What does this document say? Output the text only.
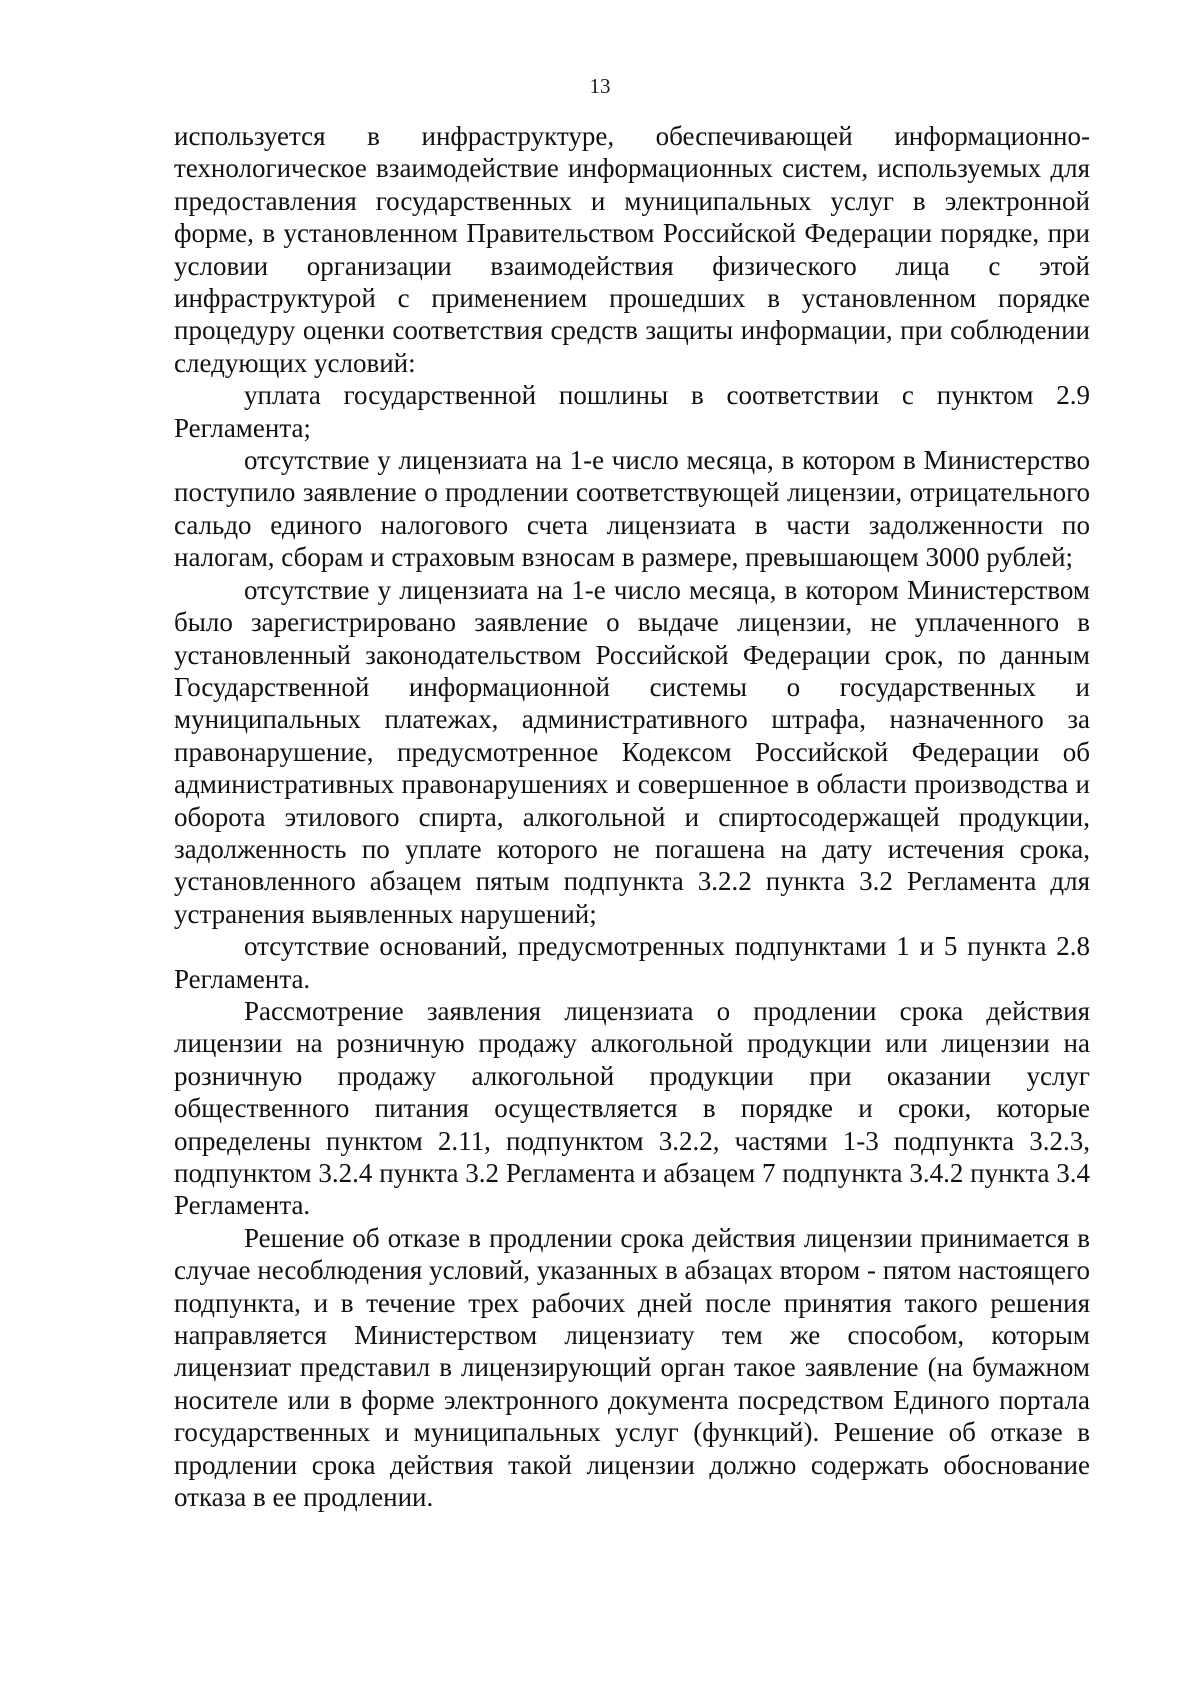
13

используется в инфраструктуре, обеспечивающей информационно-технологическое взаимодействие информационных систем, используемых для предоставления государственных и муниципальных услуг в электронной форме, в установленном Правительством Российской Федерации порядке, при условии организации взаимодействия физического лица с этой инфраструктурой с применением прошедших в установленном порядке процедуру оценки соответствия средств защиты информации, при соблюдении следующих условий:

уплата государственной пошлины в соответствии с пунктом 2.9 Регламента;

отсутствие у лицензиата на 1-е число месяца, в котором в Министерство поступило заявление о продлении соответствующей лицензии, отрицательного сальдо единого налогового счета лицензиата в части задолженности по налогам, сборам и страховым взносам в размере, превышающем 3000 рублей;

отсутствие у лицензиата на 1-е число месяца, в котором Министерством было зарегистрировано заявление о выдаче лицензии, не уплаченного в установленный законодательством Российской Федерации срок, по данным Государственной информационной системы о государственных и муниципальных платежах, административного штрафа, назначенного за правонарушение, предусмотренное Кодексом Российской Федерации об административных правонарушениях и совершенное в области производства и оборота этилового спирта, алкогольной и спиртосодержащей продукции, задолженность по уплате которого не погашена на дату истечения срока, установленного абзацем пятым подпункта 3.2.2 пункта 3.2 Регламента для устранения выявленных нарушений;

отсутствие оснований, предусмотренных подпунктами 1 и 5 пункта 2.8 Регламента.

Рассмотрение заявления лицензиата о продлении срока действия лицензии на розничную продажу алкогольной продукции или лицензии на розничную продажу алкогольной продукции при оказании услуг общественного питания осуществляется в порядке и сроки, которые определены пунктом 2.11, подпунктом 3.2.2, частями 1-3 подпункта 3.2.3, подпунктом 3.2.4 пункта 3.2 Регламента и абзацем 7 подпункта 3.4.2 пункта 3.4 Регламента.

Решение об отказе в продлении срока действия лицензии принимается в случае несоблюдения условий, указанных в абзацах втором - пятом настоящего подпункта, и в течение трех рабочих дней после принятия такого решения направляется Министерством лицензиату тем же способом, которым лицензиат представил в лицензирующий орган такое заявление (на бумажном носителе или в форме электронного документа посредством Единого портала государственных и муниципальных услуг (функций). Решение об отказе в продлении срока действия такой лицензии должно содержать обоснование отказа в ее продлении.
